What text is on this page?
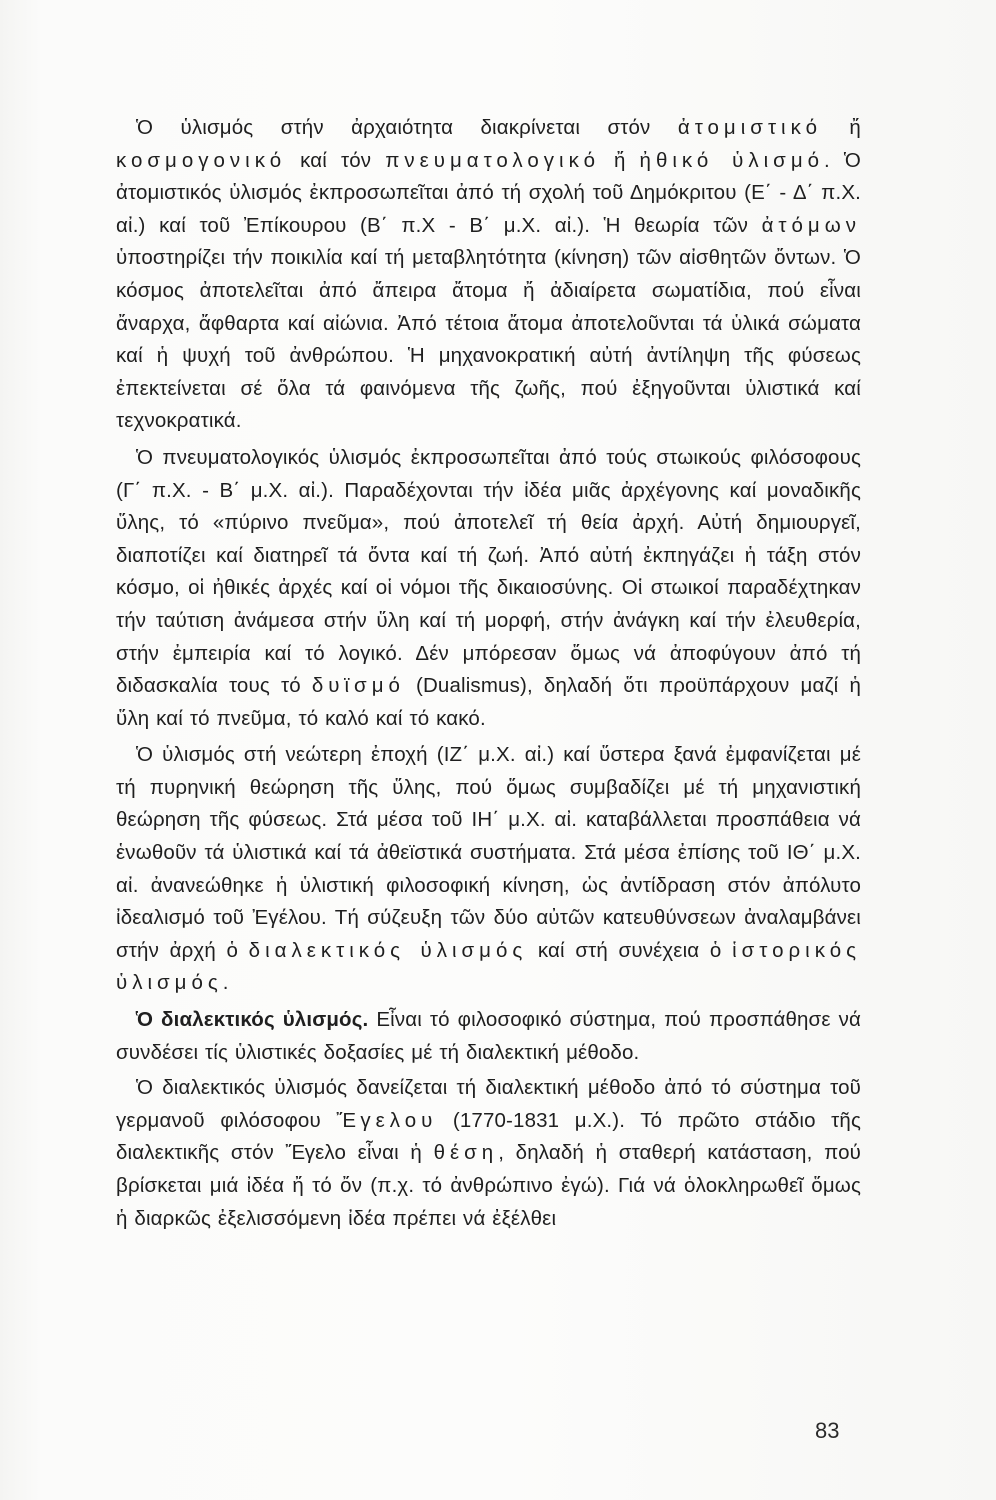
Ὁ ὑλισμός στήν ἀρχαιότητα διακρίνεται στόν ἀτομιστικό ἤ κοσμογονικό καί τόν πνευματολογικό ἤ ἠθικό ὑλισμό. Ὁ ἀτομιστικός ὑλισμός ἐκπροσωπεῖται ἀπό τή σχολή τοῦ Δημόκριτου (Ε΄ - Δ΄ π.Χ. αἰ.) καί τοῦ Ἐπίκουρου (Β΄ π.Χ - Β΄ μ.Χ. αἰ.). Ἡ θεωρία τῶν ἀτόμων ὑποστηρίζει τήν ποικιλία καί τή μεταβλητότητα (κίνηση) τῶν αἰσθητῶν ὄντων. Ὁ κόσμος ἀποτελεῖται ἀπό ἄπειρα ἄτομα ἤ ἀδιαίρετα σωματίδια, πού εἶναι ἄναρχα, ἄφθαρτα καί αἰώνια. Ἀπό τέτοια ἄτομα ἀποτελοῦνται τά ὑλικά σώματα καί ἡ ψυχή τοῦ ἀνθρώπου. Ἡ μηχανοκρατική αὐτή ἀντίληψη τῆς φύσεως ἐπεκτείνεται σέ ὅλα τά φαινόμενα τῆς ζωῆς, πού ἐξηγοῦνται ὑλιστικά καί τεχνοκρατικά.

Ὁ πνευματολογικός ὑλισμός ἐκπροσωπεῖται ἀπό τούς στωικούς φιλόσοφους (Γ΄ π.Χ. - Β΄ μ.Χ. αἰ.). Παραδέχονται τήν ἰδέα μιᾶς ἀρχέγονης καί μοναδικῆς ὕλης, τό «πύρινο πνεῦμα», πού ἀποτελεῖ τή θεία ἀρχή. Αὐτή δημιουργεῖ, διαποτίζει καί διατηρεῖ τά ὄντα καί τή ζωή. Ἀπό αὐτή ἐκπηγάζει ἡ τάξη στόν κόσμο, οἱ ἠθικές ἀρχές καί οἱ νόμοι τῆς δικαιοσύνης. Οἱ στωικοί παραδέχτηκαν τήν ταύτιση ἀνάμεσα στήν ὕλη καί τή μορφή, στήν ἀνάγκη καί τήν ἐλευθερία, στήν ἐμπειρία καί τό λογικό. Δέν μπόρεσαν ὅμως νά ἀποφύγουν ἀπό τή διδασκαλία τους τό δυϊσμό (Dualismus), δηλαδή ὅτι προϋπάρχουν μαζί ἡ ὕλη καί τό πνεῦμα, τό καλό καί τό κακό.

Ὁ ὑλισμός στή νεώτερη ἐποχή (ΙΖ΄ μ.Χ. αἰ.) καί ὕστερα ξανά ἐμφανίζεται μέ τή πυρηνική θεώρηση τῆς ὕλης, πού ὅμως συμβαδίζει μέ τή μηχανιστική θεώρηση τῆς φύσεως. Στά μέσα τοῦ ΙΗ΄ μ.Χ. αἰ. καταβάλλεται προσπάθεια νά ἑνωθοῦν τά ὑλιστικά καί τά ἀθεϊστικά συστήματα. Στά μέσα ἐπίσης τοῦ ΙΘ΄ μ.Χ. αἰ. ἀνανεώθηκε ἡ ὑλιστική φιλοσοφική κίνηση, ὡς ἀντίδραση στόν ἀπόλυτο ἰδεαλισμό τοῦ Ἐγέλου. Τή σύζευξη τῶν δύο αὐτῶν κατευθύνσεων ἀναλαμβάνει στήν ἀρχή ὁ διαλεκτικός ὑλισμός καί στή συνέχεια ὁ ἱστορικός ὑλισμός.

Ὁ διαλεκτικός ὑλισμός. Εἶναι τό φιλοσοφικό σύστημα, πού προσπάθησε νά συνδέσει τίς ὑλιστικές δοξασίες μέ τή διαλεκτική μέθοδο.

Ὁ διαλεκτικός ὑλισμός δανείζεται τή διαλεκτική μέθοδο ἀπό τό σύστημα τοῦ γερμανοῦ φιλόσοφου Ἔγελου (1770-1831 μ.Χ.). Τό πρῶτο στάδιο τῆς διαλεκτικῆς στόν Ἔγελο εἶναι ἡ θέση, δηλαδή ἡ σταθερή κατάσταση, πού βρίσκεται μιά ἰδέα ἤ τό ὄν (π.χ. τό ἀνθρώπινο ἐγώ). Γιά νά ὁλοκληρωθεῖ ὅμως ἡ διαρκῶς ἐξελισσόμενη ἰδέα πρέπει νά ἐξέλθει

83
